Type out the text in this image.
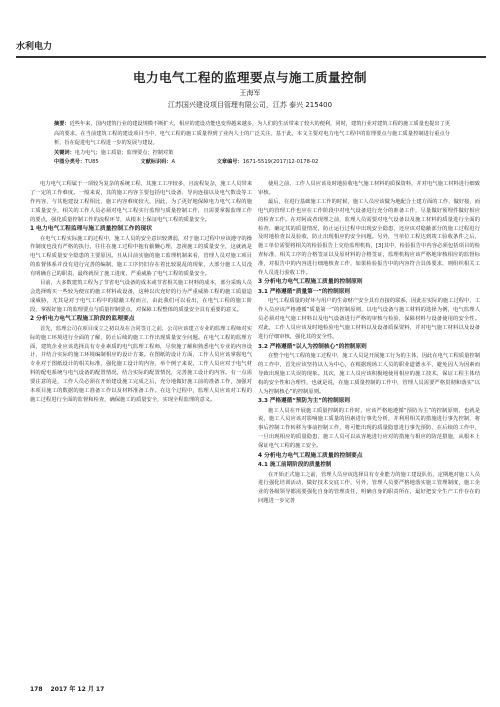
水利电力
电力电气工程的监理要点与施工质量控制
王海军
江苏国兴建设项目管理有限公司，江苏 泰兴 215400
摘要：近些年来，国内建筑行业的建设规模不断扩大，相应的建设功能也变得越来越多，为人们的生活带来了较大的便利，同时，建筑行业对建筑工程的施工质量也提出了更高的要求。在当前建筑工程的建设项目当中，电气工程的施工质量得到了业内人士的广泛关注。基于此，本文主要对电力电气工程中的监理要点与施工质量控制进行重点分析，旨在促进电气工程进一步的发展与建设。
关键词：电力电气；施工质量；监理要点；控制对策
中图分类号：TU85	文献标识码：A	文章编号：1671-5519(2017)12-0178-02

电力电气工程属于一项较为复杂的系统工程，其施工工序较多，且流程复杂，施工人员带来了一定的工作难度。一般来说，其的施工内容主要包括电气设备、导向连接以及电气数设等工作内容，与其他建设工程相比，施工内容难度较大，因此，为了更好地保障电力电气工程的施工质量安全，相关的工作人员必须对电气工程实行监理与质量控制工作，且需要掌握监理工作的要点，强化质量控制工作的流程环节，从根本上保证电气工程的质量安全。

1 电力电气工程监理与施工质量控制工作的现状

在电气工程实际施工的过程中，施工人员的安全意识较薄弱，对于施工过程中应该遵守的操作制度也没有严格的执行，往往在施工过程中拖有偷懒心理，忽视施工的质量安全，这就就是电气工程质量安全隐患的主要原因。且从目前实施的施工监理机制来看，管理人员对施工项目的监督体系并没有进行完善的编制，施工工序仍旧存在着比较混乱的现象，大部分施工人员没有明确自己的职责，最终就误了施工进度，严重威胁了电气工程的质量安全。

目前，大多数建筑工程为了节省电气设备的成本或节省相关施工材料的成本，部分采购人员会选择购买一些较为便宜的施工材料或设备，这种以次充好的行为严重威胁工程的施工质量造成威胁，尤其是对于电气工程中的隐蔽工程而言，由此我们可以看出，在电气工程的施工阶段，掌握好施工的监理要点与质量控制要点，对保障工程整体的质量安全具有重要的意义。

2 分析电力电气工程施工阶段的监理要点

首先，监理公司在项目成立之初以及在合同签订之前，公司应该建立专业的监理工程师对实际的施工环境进行全面的了解，防止后续的施工工作出现质量安全问题。在电气工程的监理方面，建筑企业应该选择具有专业素质的电气监理工程师，尽快施了解和熟悉电气专业的内容设计，并结合实际的施工环境编制相应的设计方案。在图纸的设计方面，工作人员应该掌握电气专业对于图纸设计的相关标准，强化施工设计的内容，举个例子来说，工作人员应对于电气材料的配电系统与电气设备的配置情况，结合实际的配置情况，完善施工设计的内容。有一点需要注意的是，工作人员必须在开始建设施工完成之后，充分地做好施工前的准备工作，加强对本项目施工的数据的施工准备工作以及材料准备工作。在这个过程中，监理人员应该对工程的施工过程进行全面的监督和检查，确保施工的质量安全，实现全程监理的意义。

使用之前，工作人员应该及时地验收电气施工材料的质保资料，并对电气施工材料进行细致审核。

最后，在进行基础施工工作的时候，施工人员应该做为地配合土建方面的工作，做好接，而电气的管理工作也应在工作阶段中对电气设备进行充分的准备工作，尽量做好预埋件做好相应的检查工作。在对阿或者现埋之前，监理人员需要对电气设备以及施工材料的质量进行全面的检查，确定其的质量情况，防止运行过程中出现安全隐患，还应该对隐蔽部分的施工过程进行及时地检查以及验收，防止出现相应的安全问题。另外，当单位工程达到竣工验收条件之后，施工单位需要将相关的检验报告上交给监理机构，[3]其中，检验报告中内容必须包括项目的检查标准、相关工序的合格签证以及原材料的合格签证，监理机构应该严格地审核相应的监督标准，对报告中的内容进行细地核查工作，如果检验报告中的内容符合具体要求，则组织相关工作人员进行验收工作。

3 分析电力电气工程施工质量的控制原则
3.1 严格遵循“质量第一”的控制原则

电气工程质量的好坏与用户的生命财产安全具有直接的联系，因此在实际的施工过程中，工作人员应该严格遵循“质量第一”的控制原则，以电气设备与施工材料的选择为例，电气监理人员必须对电气施工材料以及电气设备进行严格的审核与检验，保障材料与设备使用的安全性。对此，工作人员应该及时地检验电气施工材料以及设备质保资料，并对电气施工材料以及设备进行仔细审核，强化其的安全性。

3.2 严格遵循“以人为控制核心”的控制原则

在整个电气工程的施工过程中，施工人员是开展施工行为的主体，因此在电气工程质量控制的工作中，首先应该坚持以人为中心，在根据现场工人员的职业道德水平，避免因人为因素而导致出现施工失误的现象。其次，施工人员应该积极地使用相应的施工技术，保证工程主体结构的安全性和合理性，也就是说，在施工质量控制的工作中，管理人员需要严格贯彻和落实“以人为控制核心”的控制原则。

3.3 严格遵循“预防为主”的控制原则

施工人员在开展施工质量控制的工作时，应该严格地遵循“预防为主”的控制原则，也就是说，施工人员应该对影响施工质量的因素进行事先分析，并利用相关的措施进行事先控制，将事后控制工作转移为事前控制工作，将可能出现的质量隐患进行事先预防，在后续的工作中，一旦出现相应的质量隐患，施工人员可以从容地进行应对的措施与相应的防范措施，从根本上保证电气工程的施工安全。

4 分析电力电气工程施工质量的控制要点
4.1 施工前期阶段的质量控制

在开始正式施工之前，管理人员应该选择具有专业能力的施工建设队伍，定期地对施工人员进行强化培训活动，做好技术交底工作，另外，管理人员要严格地落实施工管理制度，施工企业的各级领导都需要强化自身的管理责任，明确自身的职责所在，最好把安全生产工作存在的问题进一步完善

178 2017 年 12 月 17
